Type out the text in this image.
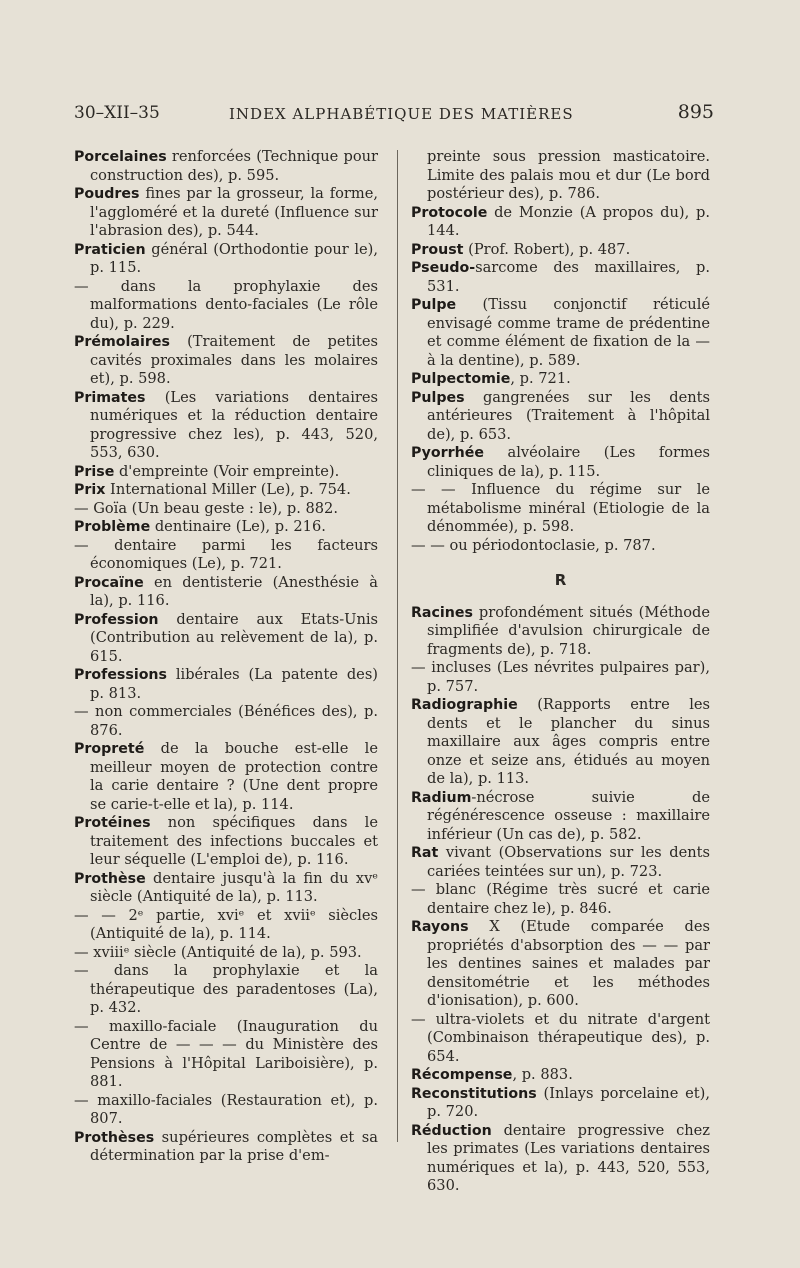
30–XII–35	INDEX ALPHABÉTIQUE DES MATIÈRES	895
Porcelaines renforcées (Technique pour construction des), p. 595.
Poudres fines par la grosseur, la forme, l'aggloméré et la dureté (Influence sur l'abrasion des), p. 544.
Praticien général (Orthodontie pour le), p. 115.
— dans la prophylaxie des malformations dento-faciales (Le rôle du), p. 229.
Prémolaires (Traitement de petites cavités proximales dans les molaires et), p. 598.
Primates (Les variations dentaires numériques et la réduction dentaire progressive chez les), p. 443, 520, 553, 630.
Prise d'empreinte (Voir empreinte).
Prix International Miller (Le), p. 754.
— Goïa (Un beau geste : le), p. 882.
Problème dentinaire (Le), p. 216.
— dentaire parmi les facteurs économiques (Le), p. 721.
Procaïne en dentisterie (Anesthésie à la), p. 116.
Profession dentaire aux Etats-Unis (Contribution au relèvement de la), p. 615.
Professions libérales (La patente des) p. 813.
— non commerciales (Bénéfices des), p. 876.
Propreté de la bouche est-elle le meilleur moyen de protection contre la carie dentaire ? (Une dent propre se carie-t-elle et la), p. 114.
Protéines non spécifiques dans le traitement des infections buccales et leur séquelle (L'emploi de), p. 116.
Prothèse dentaire jusqu'à la fin du xvᵉ siècle (Antiquité de la), p. 113.
— — 2ᵉ partie, xviᵉ et xviiᵉ siècles (Antiquité de la), p. 114.
— xviiiᵉ siècle (Antiquité de la), p. 593.
— dans la prophylaxie et la thérapeutique des paradentoses (La), p. 432.
— maxillo-faciale (Inauguration du Centre de — — — du Ministère des Pensions à l'Hôpital Lariboisière), p. 881.
— maxillo-faciales (Restauration et), p. 807.
Prothèses supérieures complètes et sa détermination par la prise d'em-
preinte sous pression masticatoire. Limite des palais mou et dur (Le bord postérieur des), p. 786.
Protocole de Monzie (A propos du), p. 144.
Proust (Prof. Robert), p. 487.
Pseudo-sarcome des maxillaires, p. 531.
Pulpe (Tissu conjonctif réticulé envisagé comme trame de prédentine et comme élément de fixation de la — à la dentine), p. 589.
Pulpectomie, p. 721.
Pulpes gangrenées sur les dents antérieures (Traitement à l'hôpital de), p. 653.
Pyorrhée alvéolaire (Les formes cliniques de la), p. 115.
— — Influence du régime sur le métabolisme minéral (Etiologie de la dénommée), p. 598.
— — ou périodontoclasie, p. 787.
R
Racines profondément situés (Méthode simplifiée d'avulsion chirurgicale de fragments de), p. 718.
— incluses (Les névrites pulpaires par), p. 757.
Radiographie (Rapports entre les dents et le plancher du sinus maxillaire aux âges compris entre onze et seize ans, étidués au moyen de la), p. 113.
Radium-nécrose suivie de régénérescence osseuse : maxillaire inférieur (Un cas de), p. 582.
Rat vivant (Observations sur les dents cariées teintées sur un), p. 723.
— blanc (Régime très sucré et carie dentaire chez le), p. 846.
Rayons X (Etude comparée des propriétés d'absorption des — — par les dentines saines et malades par densitométrie et les méthodes d'ionisation), p. 600.
— ultra-violets et du nitrate d'argent (Combinaison thérapeutique des), p. 654.
Récompense, p. 883.
Reconstitutions (Inlays porcelaine et), p. 720.
Réduction dentaire progressive chez les primates (Les variations dentaires numériques et la), p. 443, 520, 553, 630.
